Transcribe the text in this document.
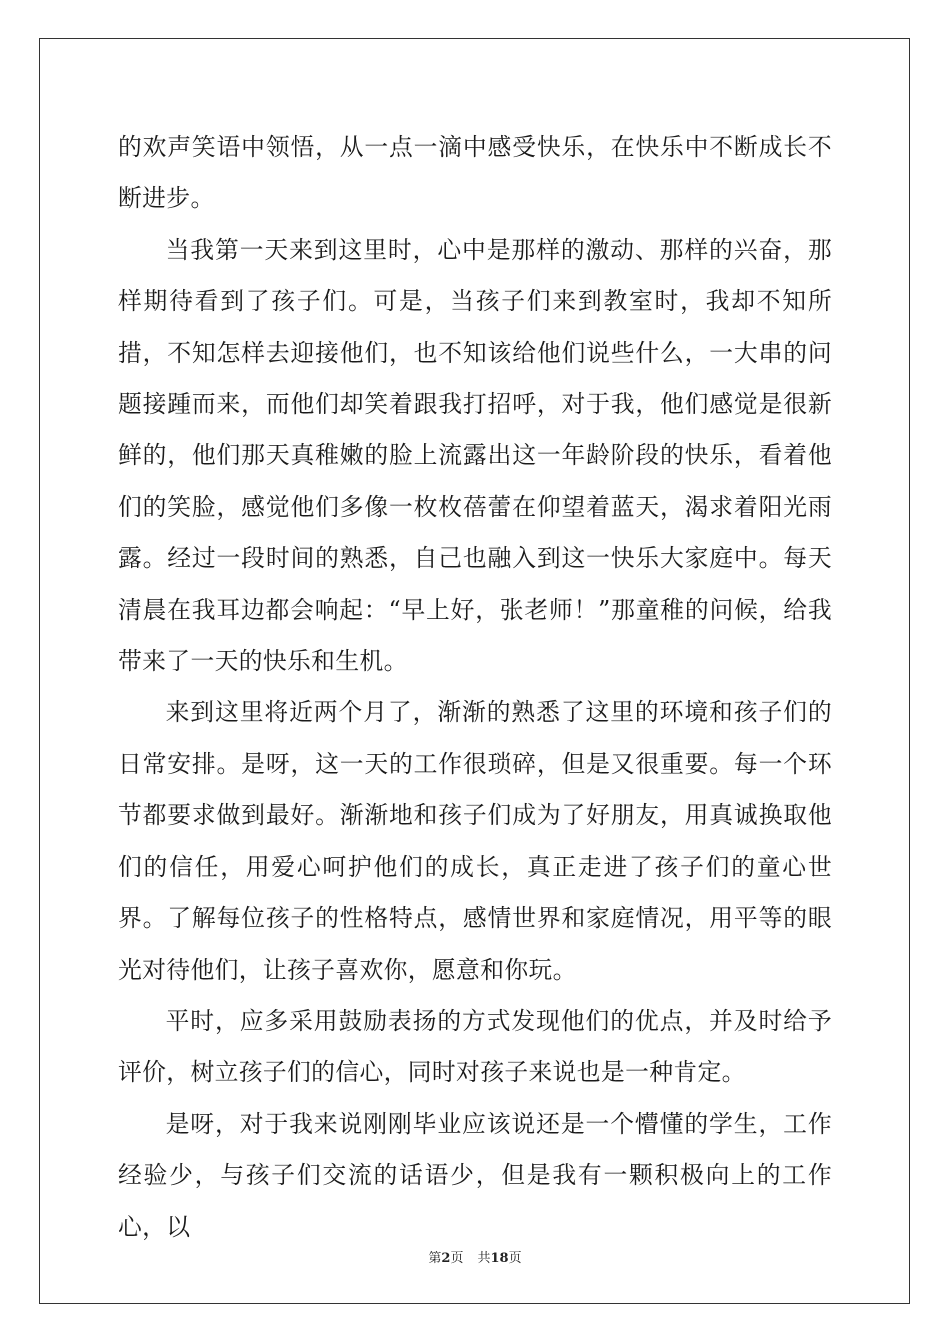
的欢声笑语中领悟，从一点一滴中感受快乐，在快乐中不断成长不断进步。

当我第一天来到这里时，心中是那样的激动、那样的兴奋，那样期待看到了孩子们。可是，当孩子们来到教室时，我却不知所措，不知怎样去迎接他们，也不知该给他们说些什么，一大串的问题接踵而来，而他们却笑着跟我打招呼，对于我，他们感觉是很新鲜的，他们那天真稚嫩的脸上流露出这一年龄阶段的快乐，看着他们的笑脸，感觉他们多像一枚枚蓓蕾在仰望着蓝天，渴求着阳光雨露。经过一段时间的熟悉，自己也融入到这一快乐大家庭中。每天清晨在我耳边都会响起：“早上好，张老师！”那童稚的问候，给我带来了一天的快乐和生机。

来到这里将近两个月了，渐渐的熟悉了这里的环境和孩子们的日常安排。是呀，这一天的工作很琐碎，但是又很重要。每一个环节都要求做到最好。渐渐地和孩子们成为了好朋友，用真诚换取他们的信任，用爱心呵护他们的成长，真正走进了孩子们的童心世界。了解每位孩子的性格特点，感情世界和家庭情况，用平等的眼光对待他们，让孩子喜欢你，愿意和你玩。

平时，应多采用鼓励表扬的方式发现他们的优点，并及时给予评价，树立孩子们的信心，同时对孩子来说也是一种肯定。

是呀，对于我来说刚刚毕业应该说还是一个懵懂的学生，工作经验少，与孩子们交流的话语少，但是我有一颗积极向上的工作心，以

第2页 共18页
